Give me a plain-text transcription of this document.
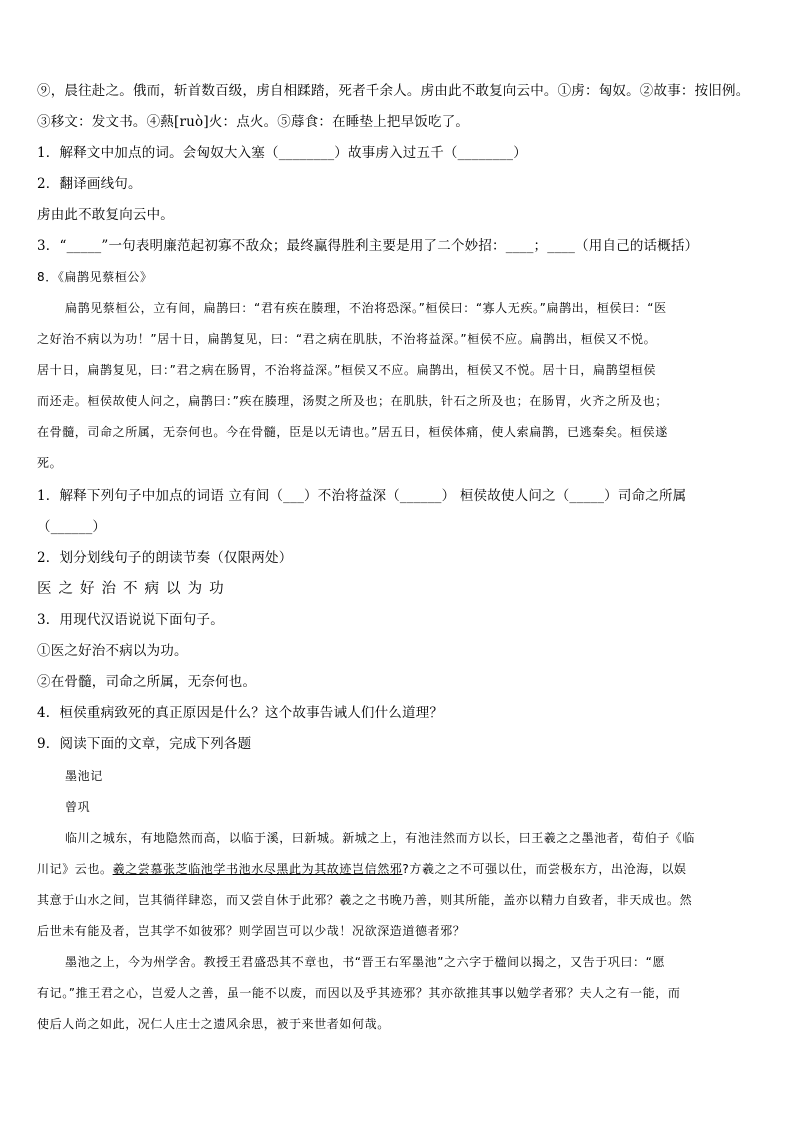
⑨，晨往赴之。俄而，斩首数百级，虏自相蹂踏，死者千余人。虏由此不敢复向云中。①虏：匈奴。②故事：按旧例。
③移文：发文书。④爇[ruò]火：点火。⑤蓐食：在睡垫上把早饭吃了。
1．解释文中加点的词。会匈奴大入塞（________）故事虏入过五千（________）
2．翻译画线句。
虏由此不敢复向云中。
3．“_____”一句表明廉范起初寡不敌众；最终赢得胜利主要是用了二个妙招：____；____（用自己的话概括）
8．《扁鹊见蔡桓公》
扁鹊见蔡桓公，立有间，扁鹊曰：“君有疾在腠理，不治将恐深。”桓侯曰：“寡人无疾。”扁鹊出，桓侯曰：“医
之好治不病以为功！”居十日，扁鹊复见，曰：“君之病在肌肤，不治将益深。”桓侯不应。扁鹊出，桓侯又不悦。
居十日，扁鹊复见，曰：”君之病在肠胃，不治将益深。”桓侯又不应。扁鹊出，桓侯又不悦。居十日，扁鹊望桓侯
而还走。桓侯故使人问之，扁鹊曰：”疾在腠理，汤熨之所及也；在肌肤，针石之所及也；在肠胃，火齐之所及也；
在骨髓，司命之所属，无奈何也。今在骨髓，臣是以无请也。”居五日，桓侯体痛，使人索扁鹊，已逃秦矣。桓侯遂
死。
1．解释下列句子中加点的词语 立有间（___）不治将益深（______） 桓侯故使人问之（_____）司命之所属
（______）
2．划分划线句子的朗读节奏（仅限两处）
医 之 好 治 不 病 以 为 功
3．用现代汉语说说下面句子。
①医之好治不病以为功。
②在骨髓，司命之所属，无奈何也。
4．桓侯重病致死的真正原因是什么？这个故事告诫人们什么道理？
9．阅读下面的文章，完成下列各题
墨池记
曾巩
临川之城东，有地隐然而高，以临于溪，曰新城。新城之上，有池洼然而方以长，曰王羲之之墨池者，荀伯子《临
川记》云也。羲之尝慕张芝临池学书池水尽黑此为其故迹岂信然邪?方羲之之不可强以仕，而尝极东方，出沧海，以娱
其意于山水之间，岂其徜徉肆恣，而又尝自休于此邪？羲之之书晚乃善，则其所能，盖亦以精力自致者，非天成也。然
后世未有能及者，岂其学不如彼邪？则学固岂可以少哉！况欲深造道德者邪？
墨池之上，今为州学舍。教授王君盛恐其不章也，书“晋王右军墨池”之六字于楹间以揭之，又告于巩曰：“愿
有记。”推王君之心，岂爱人之善，虽一能不以废，而因以及乎其迹邪？其亦欲推其事以勉学者邪？夫人之有一能，而
使后人尚之如此，况仁人庄士之遗风余思，被于来世者如何哉。
